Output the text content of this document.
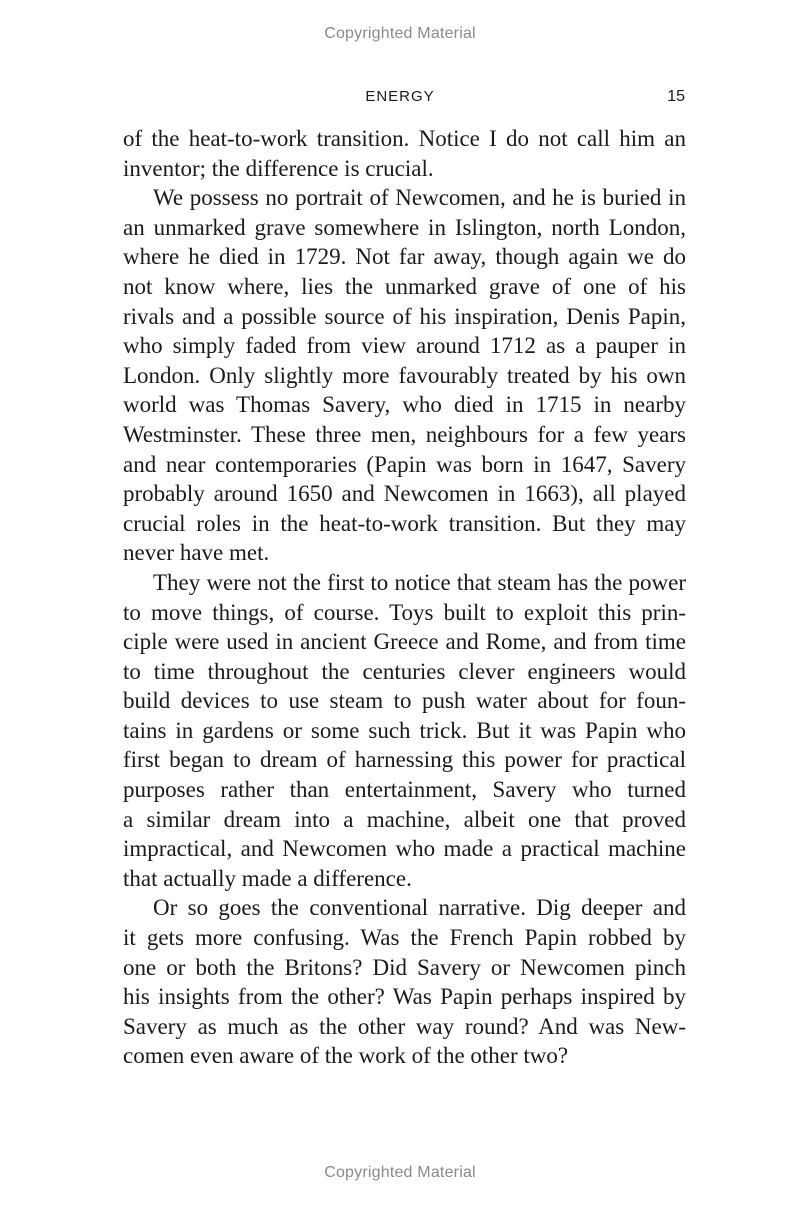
Copyrighted Material
ENERGY	15
of the heat-to-work transition. Notice I do not call him an
inventor; the difference is crucial.
We possess no portrait of Newcomen, and he is buried in
an unmarked grave somewhere in Islington, north London,
where he died in 1729. Not far away, though again we do
not know where, lies the unmarked grave of one of his
rivals and a possible source of his inspiration, Denis Papin,
who simply faded from view around 1712 as a pauper in
London. Only slightly more favourably treated by his own
world was Thomas Savery, who died in 1715 in nearby
Westminster. These three men, neighbours for a few years
and near contemporaries (Papin was born in 1647, Savery
probably around 1650 and Newcomen in 1663), all played
crucial roles in the heat-to-work transition. But they may
never have met.
They were not the first to notice that steam has the power
to move things, of course. Toys built to exploit this prin-
ciple were used in ancient Greece and Rome, and from time
to time throughout the centuries clever engineers would
build devices to use steam to push water about for foun-
tains in gardens or some such trick. But it was Papin who
first began to dream of harnessing this power for practical
purposes rather than entertainment, Savery who turned
a similar dream into a machine, albeit one that proved
impractical, and Newcomen who made a practical machine
that actually made a difference.
Or so goes the conventional narrative. Dig deeper and
it gets more confusing. Was the French Papin robbed by
one or both the Britons? Did Savery or Newcomen pinch
his insights from the other? Was Papin perhaps inspired by
Savery as much as the other way round? And was New-
comen even aware of the work of the other two?
Copyrighted Material
